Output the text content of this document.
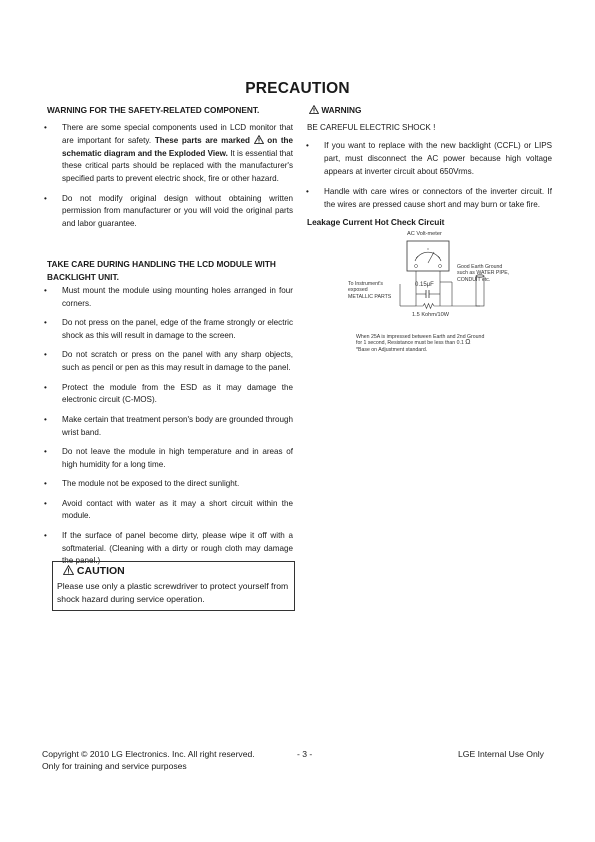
PRECAUTION
WARNING FOR THE SAFETY-RELATED COMPONENT.
• There are some special components used in LCD monitor that are important for safety. These parts are marked  on the schematic diagram and the Exploded View. It is essential that these critical parts should be replaced with the manufacturer's specified parts to prevent electric shock, fire or other hazard.
• Do not modify original design without obtaining written permission from manufacturer or you will void the original parts and labor guarantee.
TAKE CARE DURING HANDLING THE LCD MODULE WITH BACKLIGHT UNIT.
• Must mount the module using mounting holes arranged in four corners.
• Do not press on the panel, edge of the frame strongly or electric shock as this will result in damage to the screen.
• Do not scratch or press on the panel with any sharp objects, such as pencil or pen as this may result in damage to the panel.
• Protect the module from the ESD as it may damage the electronic circuit (C-MOS).
• Make certain that treatment person's body are grounded through wrist band.
• Do not leave the module in high temperature and in areas of high humidity for a long time.
• The module not be exposed to the direct sunlight.
• Avoid contact with water as it may a short circuit within the module.
• If the surface of panel become dirty, please wipe it off with a softmaterial. (Cleaning with a dirty or rough cloth may damage the panel.)
CAUTION
Please use only a plastic screwdriver to protect yourself from shock hazard during service operation.
WARNING
BE CAREFUL ELECTRIC SHOCK !
• If you want to replace with the new backlight (CCFL) or LIPS part, must disconnect the AC power because high voltage appears at inverter circuit about 650Vrms.
• Handle with care wires or connectors of the inverter circuit. If the wires are pressed cause short and may burn or take fire.
Leakage Current Hot Check Circuit
AC Volt-meter
To Instrument's
exposed
METALLIC PARTS
Good Earth Ground
such as WATER PIPE,
CONDUIT etc.
0.15μF
1.5 Kohm/10W
When 25A is impressed between Earth and 2nd Ground
for 1 second, Resistance must be less than 0.1 Ω
*Base on Adjustment standard.
Copyright © 2010 LG Electronics. Inc. All right reserved.	- 3 -	LGE Internal Use Only
Only for training and service purposes
